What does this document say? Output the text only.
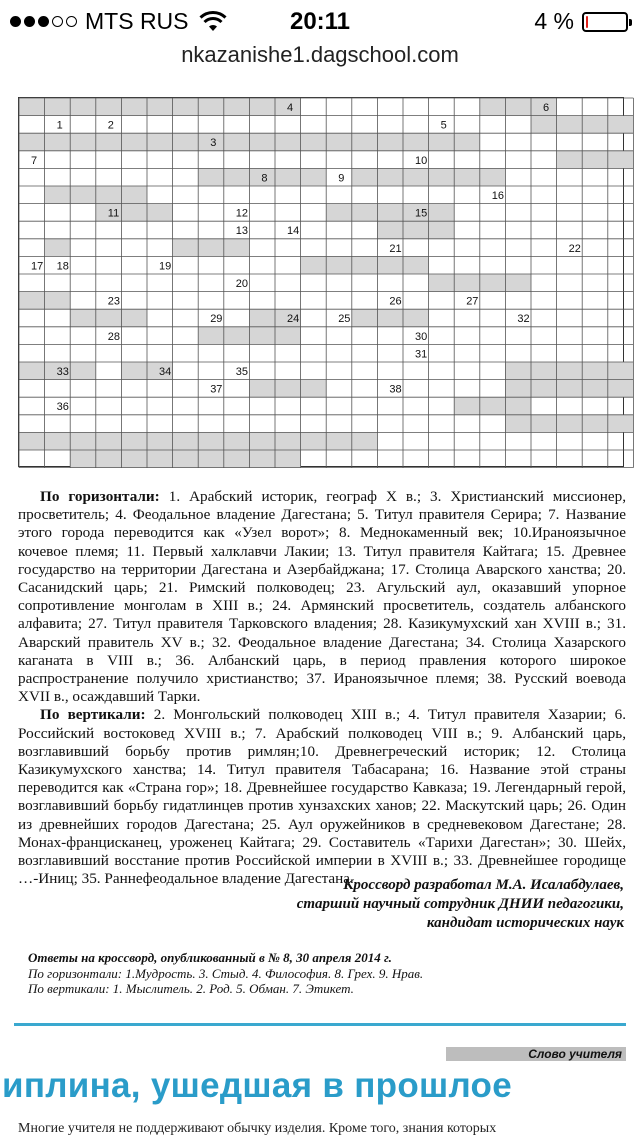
MTS RUS	20:11	4 %
nkazanishe1.dagschool.com
1	2
3
4
5
6
7
8	9
10
11	12
13	14
15
16
17 18	19
20
21	22
23
24	25
26	27
28
29
30
31
32
33	34	35
36
37	38

По горизонтали: 1. Арабский историк, географ X в.; 3. Христианский миссионер, просветитель; 4. Феодальное владение Дагестана; 5. Титул правителя Серира; 7. Название этого города переводится как «Узел ворот»; 8. Меднокаменный век; 10.Ираноязычное кочевое племя; 11. Первый халклавчи Лакии; 13. Титул правителя Кайтага; 15. Древнее государство на территории Дагестана и Азербайджана; 17. Столица Аварского ханства; 20. Сасанидский царь; 21. Римский полководец; 23. Агульский аул, оказавший упорное сопротивление монголам в XIII в.; 24. Армянский просветитель, создатель албанского алфавита; 27. Титул правителя Тарковского владения; 28. Казикумухский хан XVIII в.; 31. Аварский правитель XV в.; 32. Феодальное владение Дагестана; 34. Столица Хазарского каганата в VIII в.; 36. Албанский царь, в период правления которого широкое распространение получило христианство; 37. Ираноязычное племя; 38. Русский воевода XVII в., осаждавший Тарки.

По вертикали: 2. Монгольский полководец XIII в.; 4. Титул правителя Хазарии; 6. Российский востоковед XVIII в.; 7. Арабский полководец VIII в.; 9. Албанский царь, возглавивший борьбу против римлян;10. Древнегреческий историк; 12. Столица Казикумухского ханства; 14. Титул правителя Табасарана; 16. Название этой страны переводится как «Страна гор»; 18. Древнейшее государство Кавказа; 19. Легендарный герой, возглавивший борьбу гидатлинцев против хунзахских ханов; 22. Маскутский царь; 26. Один из древнейших городов Дагестана; 25. Аул оружейников в средневековом Дагестане; 28. Монах-францисканец, уроженец Кайтага; 29. Составитель «Тарихи Дагестан»; 30. Шейх, возглавивший восстание против Российской империи в XVIII в.; 33. Древнейшее городище …-Иниц; 35. Раннефеодальное владение Дагестана.

Кроссворд разработал М.А. Исалабдулаев,
старший научный сотрудник ДНИИ педагогики,
кандидат исторических наук
Ответы на кроссворд, опубликованный в № 8, 30 апреля 2014 г.
По горизонтали: 1.Мудрость. 3. Стыд. 4. Философия. 8. Грех. 9. Нрав.
По вертикали: 1. Мыслитель. 2. Род. 5. Обман. 7. Этикет.
Слово учителя
иплина, ушедшая в прошлое
Многие учителя не поддерживают обычку изделия. Кроме того, знания которых
